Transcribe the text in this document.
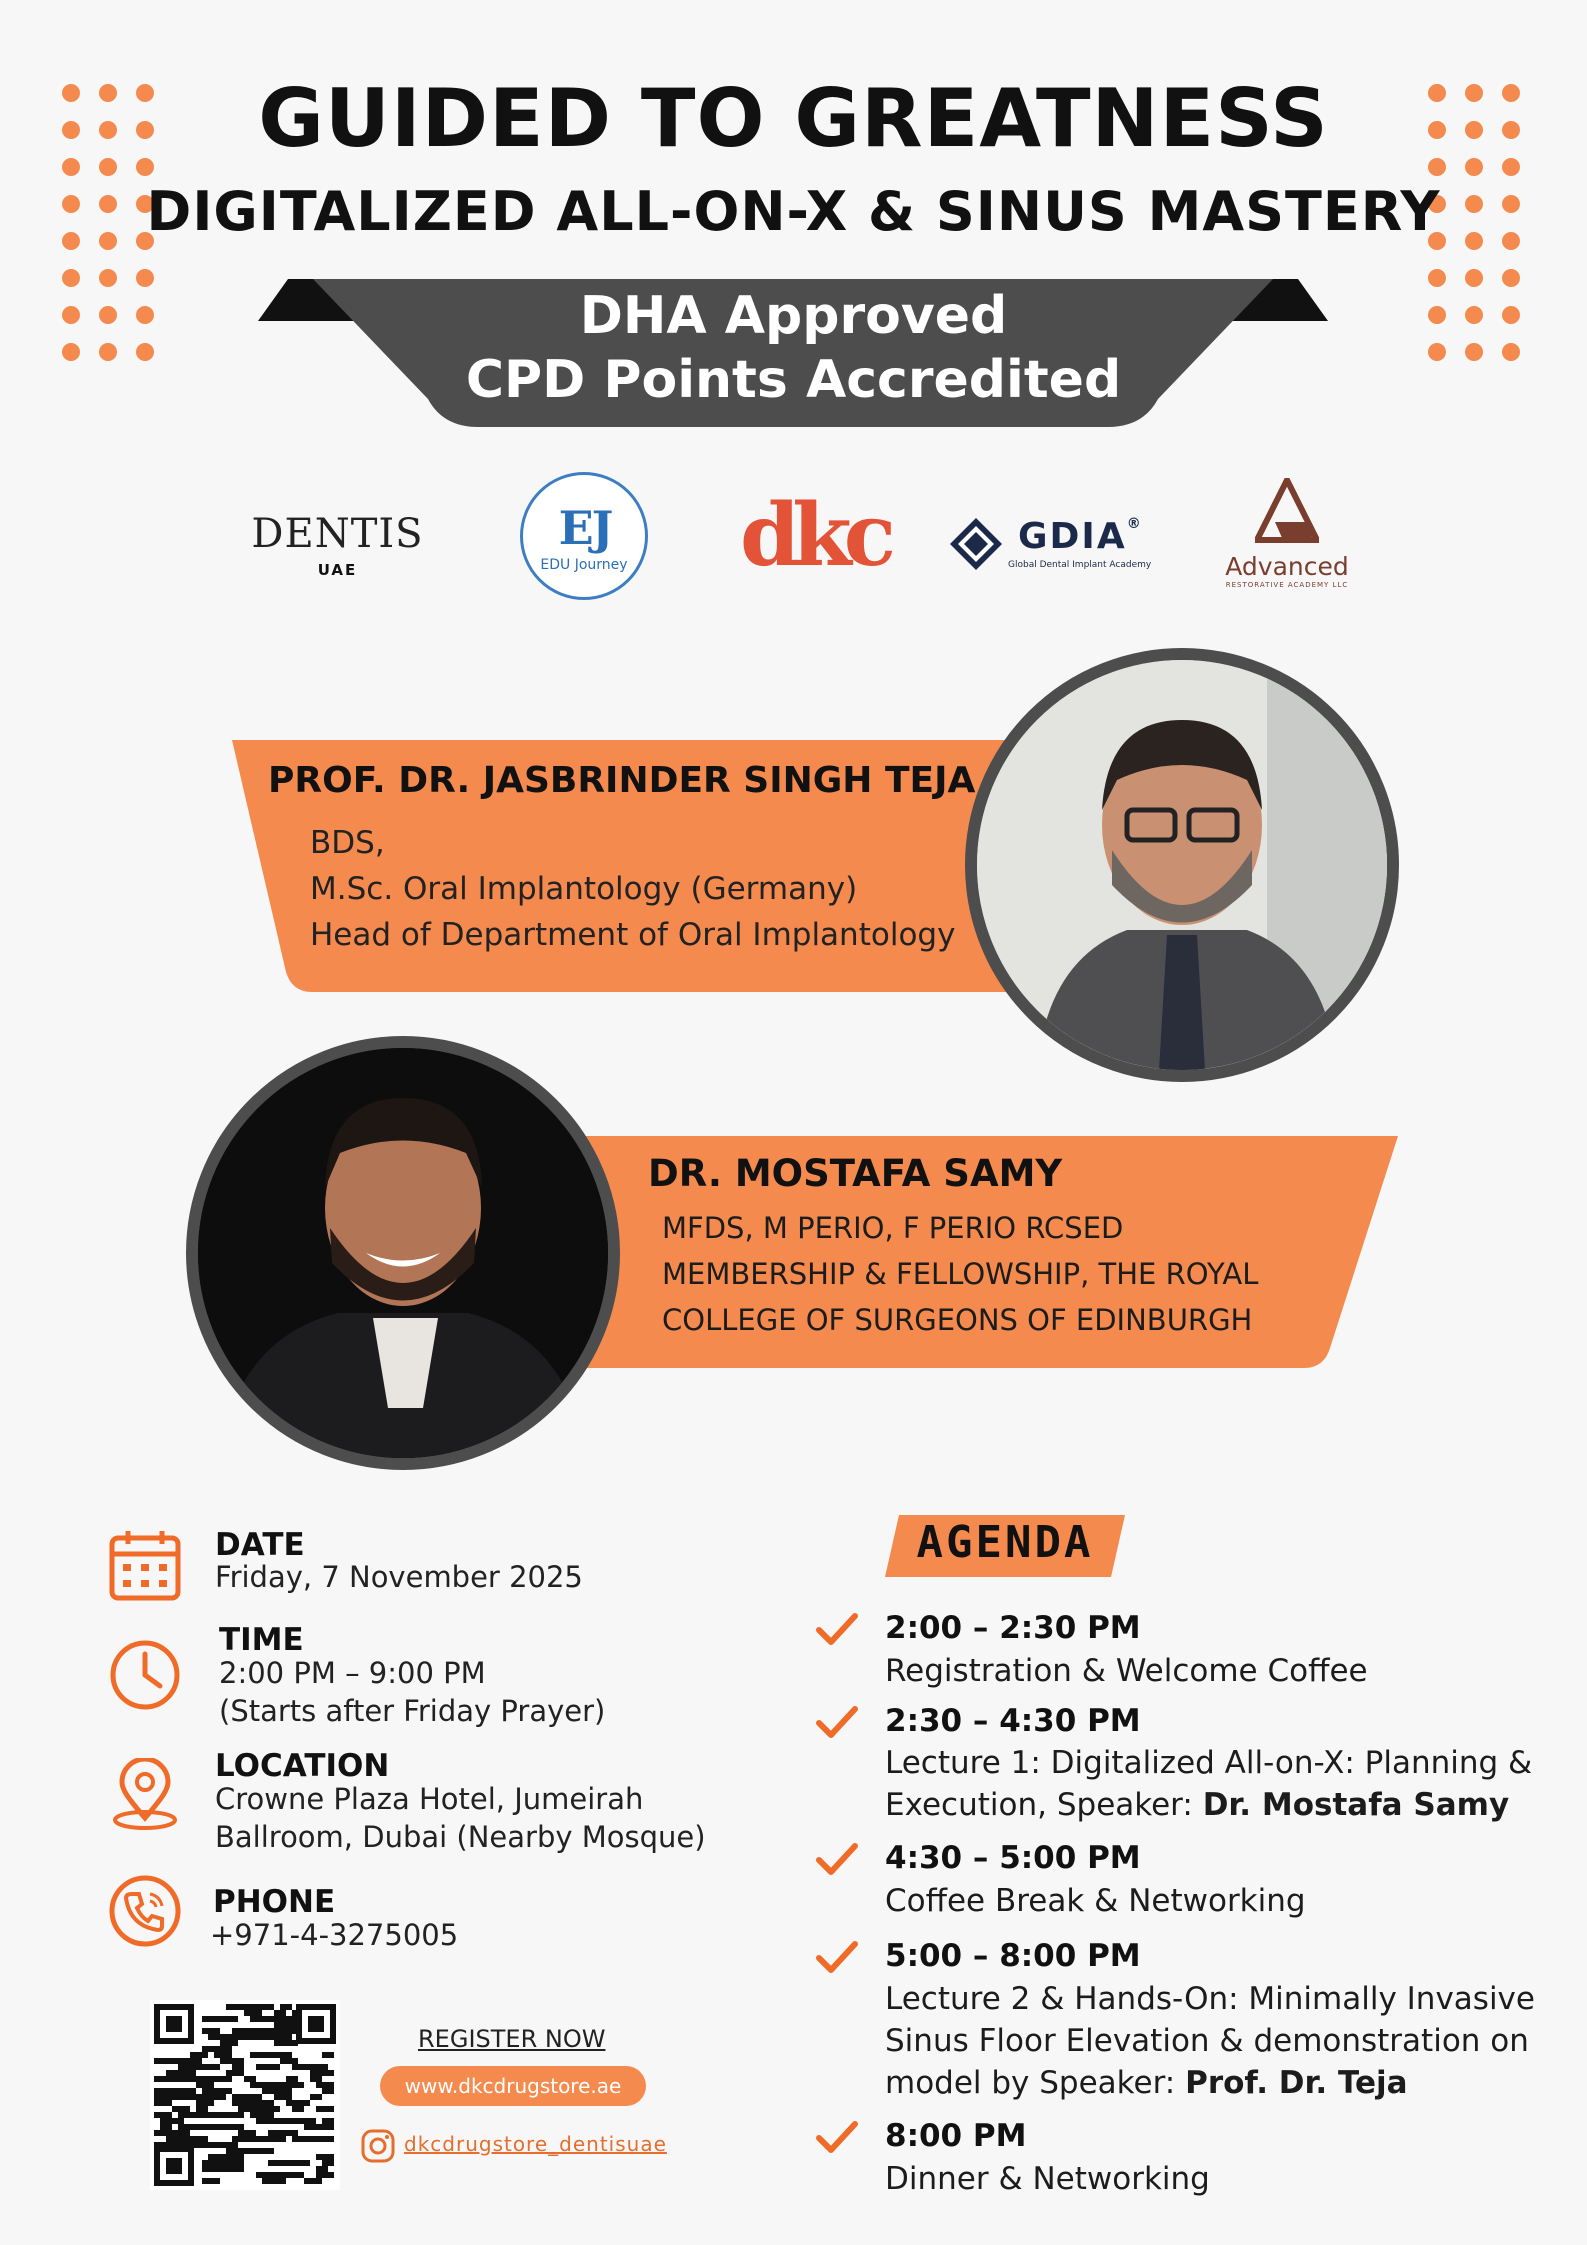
GUIDED TO GREATNESS
DIGITALIZED ALL-ON-X & SINUS MASTERY
DHA Approved
CPD Points Accredited
DENTIS
UAE
EJ
EDU Journey dkc	GDIA®
Global Dental Implant Academy	Advanced
RESTORATIVE ACADEMY LLC
PROF. DR. JASBRINDER SINGH TEJA
BDS,
M.Sc. Oral Implantology (Germany)
Head of Department of Oral Implantology
DR. MOSTAFA SAMY
MFDS, M PERIO, F PERIO RCSED
MEMBERSHIP & FELLOWSHIP, THE ROYAL
COLLEGE OF SURGEONS OF EDINBURGH
DATE
Friday, 7 November 2025
TIME
2:00 PM – 9:00 PM
(Starts after Friday Prayer)
LOCATION
Crowne Plaza Hotel, Jumeirah
Ballroom, Dubai (Nearby Mosque)
PHONE
+971-4-3275005
AGENDA
2:00 – 2:30 PM
Registration & Welcome Coffee
2:30 – 4:30 PM
Lecture 1: Digitalized All-on-X: Planning &
Execution, Speaker: Dr. Mostafa Samy
4:30 – 5:00 PM
Coffee Break & Networking
5:00 – 8:00 PM
Lecture 2 & Hands-On: Minimally Invasive
Sinus Floor Elevation & demonstration on
model by Speaker: Prof. Dr. Teja
8:00 PM
Dinner & Networking
REGISTER NOW
www.dkcdrugstore.ae
dkcdrugstore_dentisuae
